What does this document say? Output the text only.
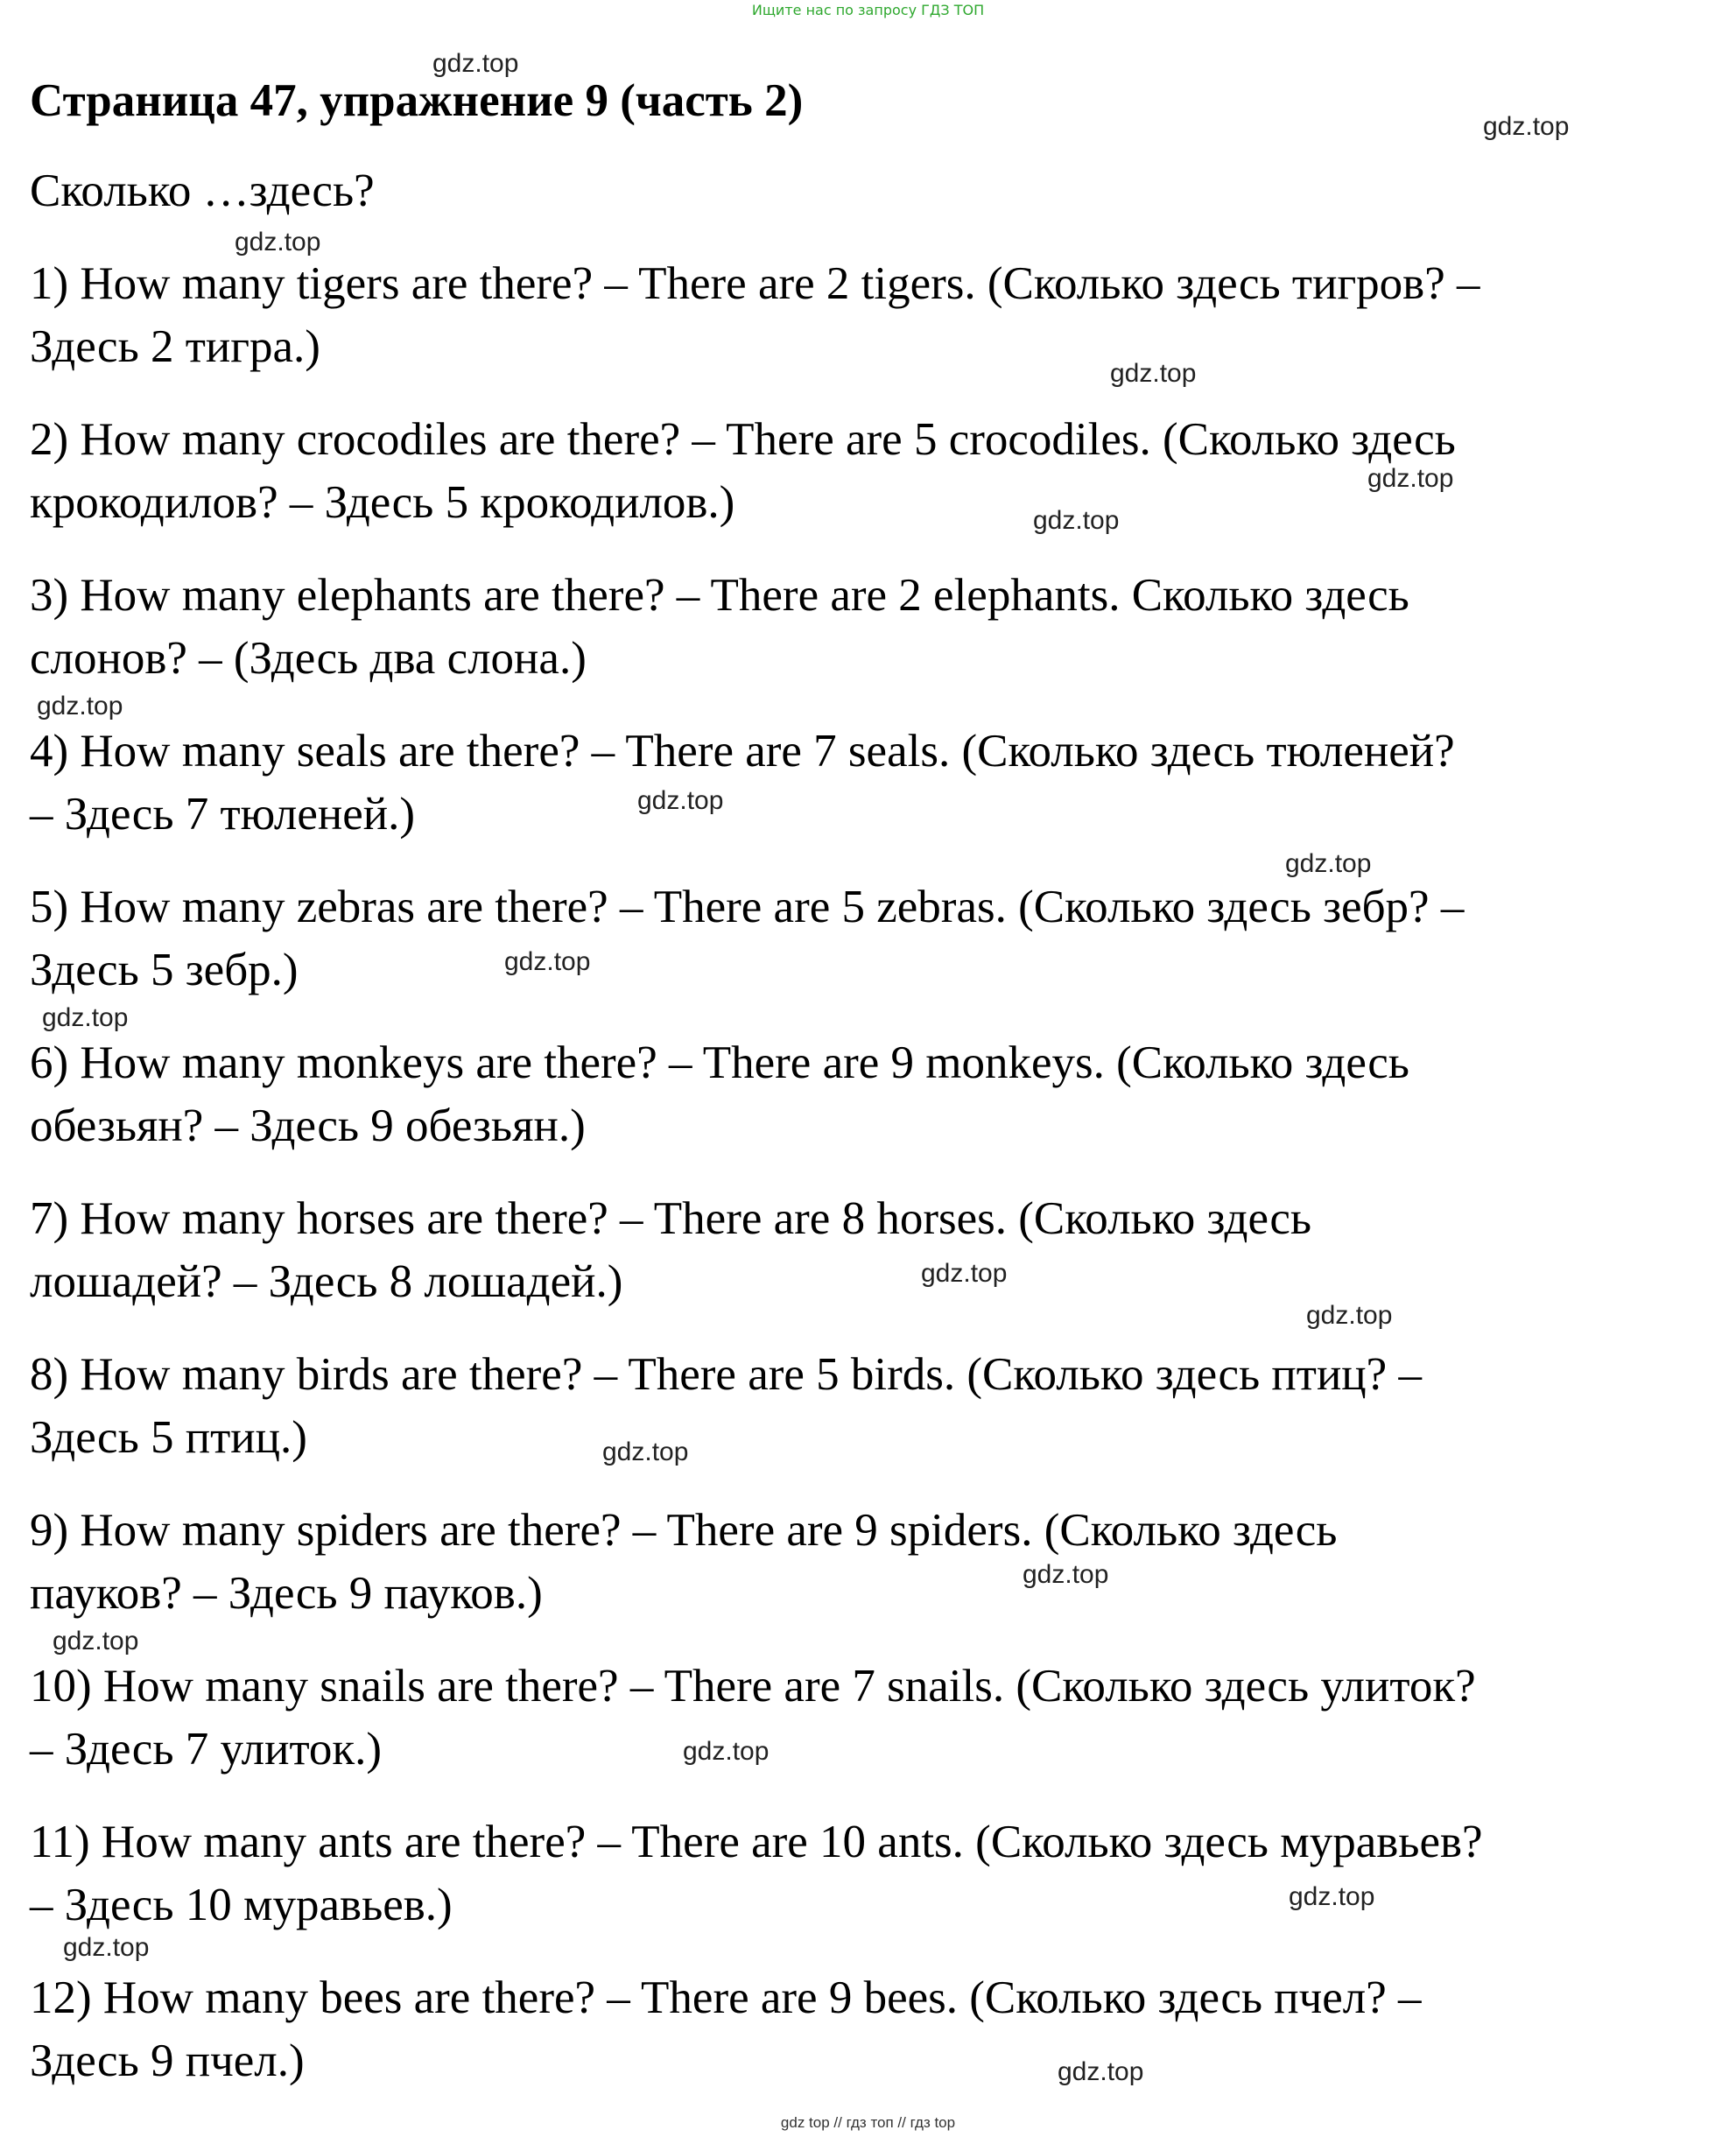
Ищите нас по запросу ГДЗ ТОП
Страница 47, упражнение 9 (часть 2)

Сколько …здесь?

1) How many tigers are there? – There are 2 tigers. (Сколько здесь тигров? –
Здесь 2 тигра.)

2) How many crocodiles are there? – There are 5 crocodiles. (Сколько здесь
крокодилов? – Здесь 5 крокодилов.)

3) How many elephants are there? – There are 2 elephants. Сколько здесь
слонов? – (Здесь два слона.)

4) How many seals are there? – There are 7 seals. (Сколько здесь тюленей?
– Здесь 7 тюленей.)

5) How many zebras are there? – There are 5 zebras. (Сколько здесь зебр? –
Здесь 5 зебр.)

6) How many monkeys are there? – There are 9 monkeys. (Сколько здесь
обезьян? – Здесь 9 обезьян.)

7) How many horses are there? – There are 8 horses. (Сколько здесь
лошадей? – Здесь 8 лошадей.)

8) How many birds are there? – There are 5 birds. (Сколько здесь птиц? –
Здесь 5 птиц.)

9) How many spiders are there? – There are 9 spiders. (Сколько здесь
пауков? – Здесь 9 пауков.)

10) How many snails are there? – There are 7 snails. (Сколько здесь улиток?
– Здесь 7 улиток.)

11) How many ants are there? – There are 10 ants. (Сколько здесь муравьев?
– Здесь 10 муравьев.)

12) How many bees are there? – There are 9 bees. (Сколько здесь пчел? –
Здесь 9 пчел.)

gdz.top
gdz.top
gdz.top
gdz.top
gdz.top
gdz.top
gdz.top
gdz.top
gdz.top
gdz.top
gdz.top
gdz.top
gdz.top
gdz.top
gdz.top
gdz.top
gdz.top
gdz.top
gdz.top
gdz.top
gdz top // гдз топ // гдз top
